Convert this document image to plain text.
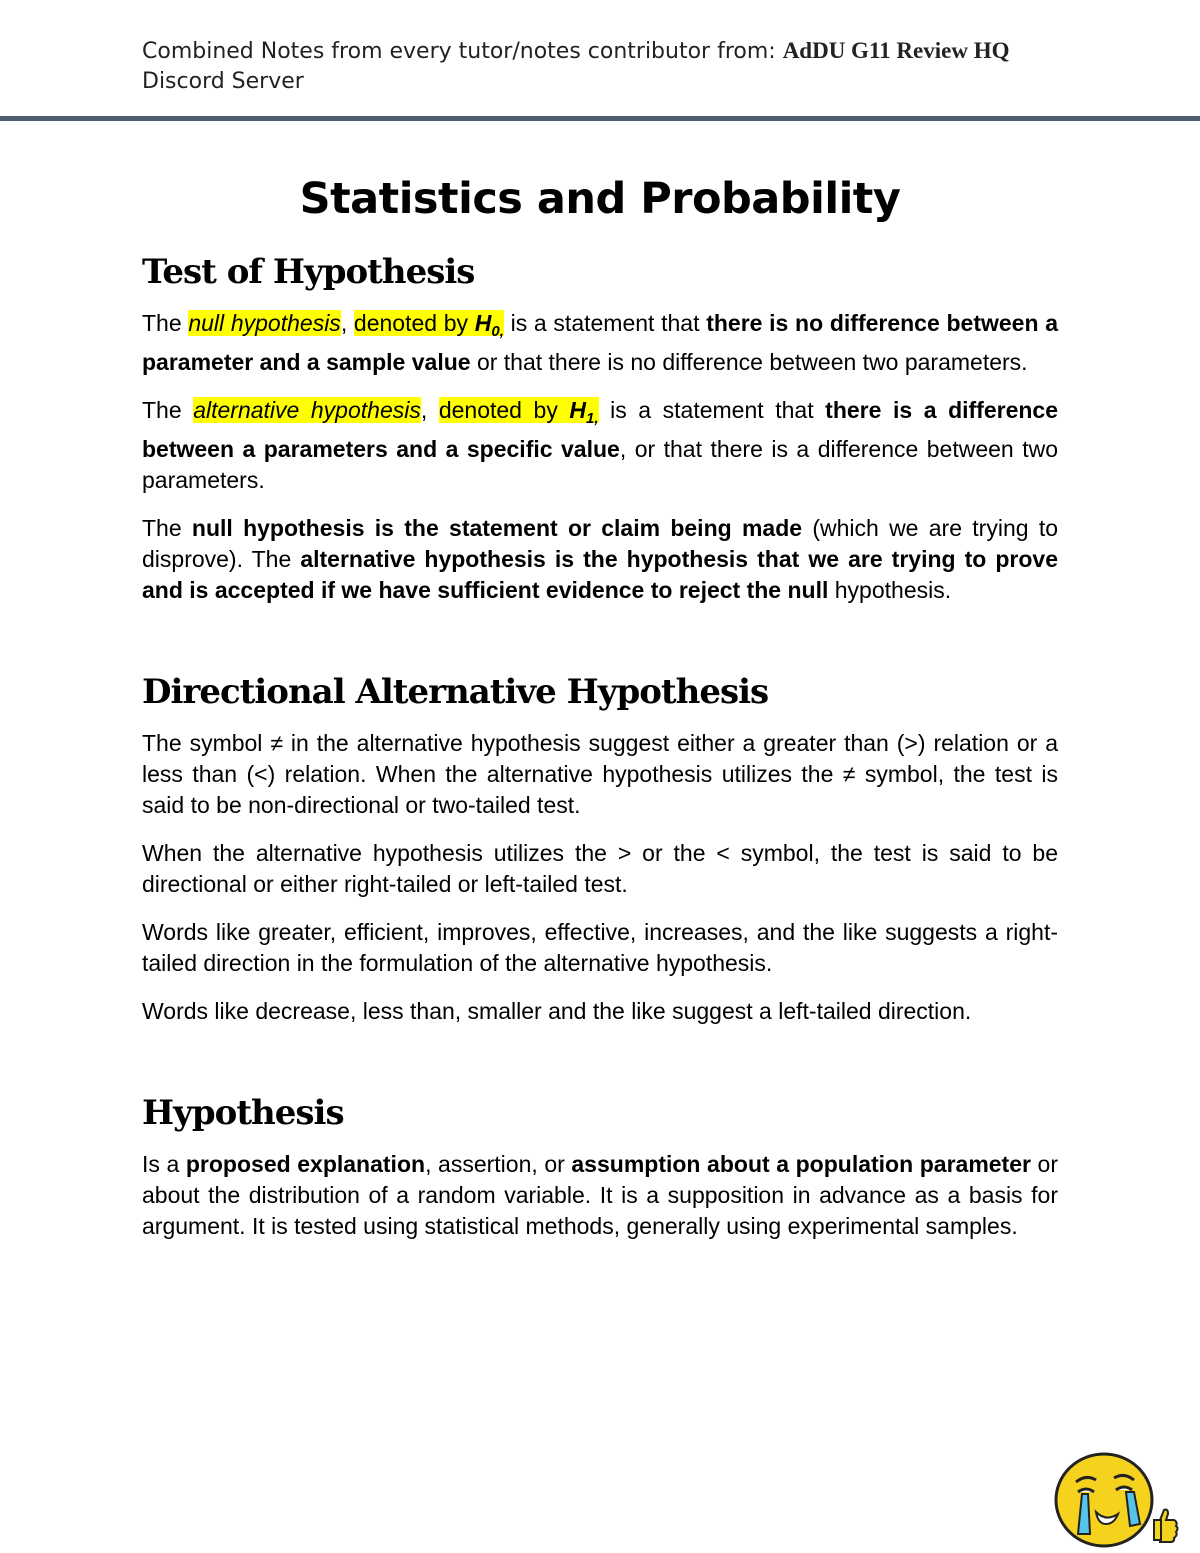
Combined Notes from every tutor/notes contributor from: AdDU G11 Review HQ
Discord Server
Statistics and Probability
Test of Hypothesis

The null hypothesis, denoted by $H_{0,}$ is a statement that there is no difference between a parameter and a sample value or that there is no difference between two parameters.

The alternative hypothesis, denoted by $H_{1,}$ is a statement that there is a difference between a parameters and a specific value, or that there is a difference between two parameters.

The null hypothesis is the statement or claim being made (which we are trying to disprove). The alternative hypothesis is the hypothesis that we are trying to prove and is accepted if we have sufficient evidence to reject the null hypothesis.

Directional Alternative Hypothesis

The symbol ≠ in the alternative hypothesis suggest either a greater than (>) relation or a less than (<) relation. When the alternative hypothesis utilizes the ≠ symbol, the test is said to be non-directional or two-tailed test.

When the alternative hypothesis utilizes the > or the < symbol, the test is said to be directional or either right-tailed or left-tailed test.

Words like greater, efficient, improves, effective, increases, and the like suggests a right-tailed direction in the formulation of the alternative hypothesis.

Words like decrease, less than, smaller and the like suggest a left-tailed direction.

Hypothesis

Is a proposed explanation, assertion, or assumption about a population parameter or about the distribution of a random variable. It is a supposition in advance as a basis for argument. It is tested using statistical methods, generally using experimental samples.
